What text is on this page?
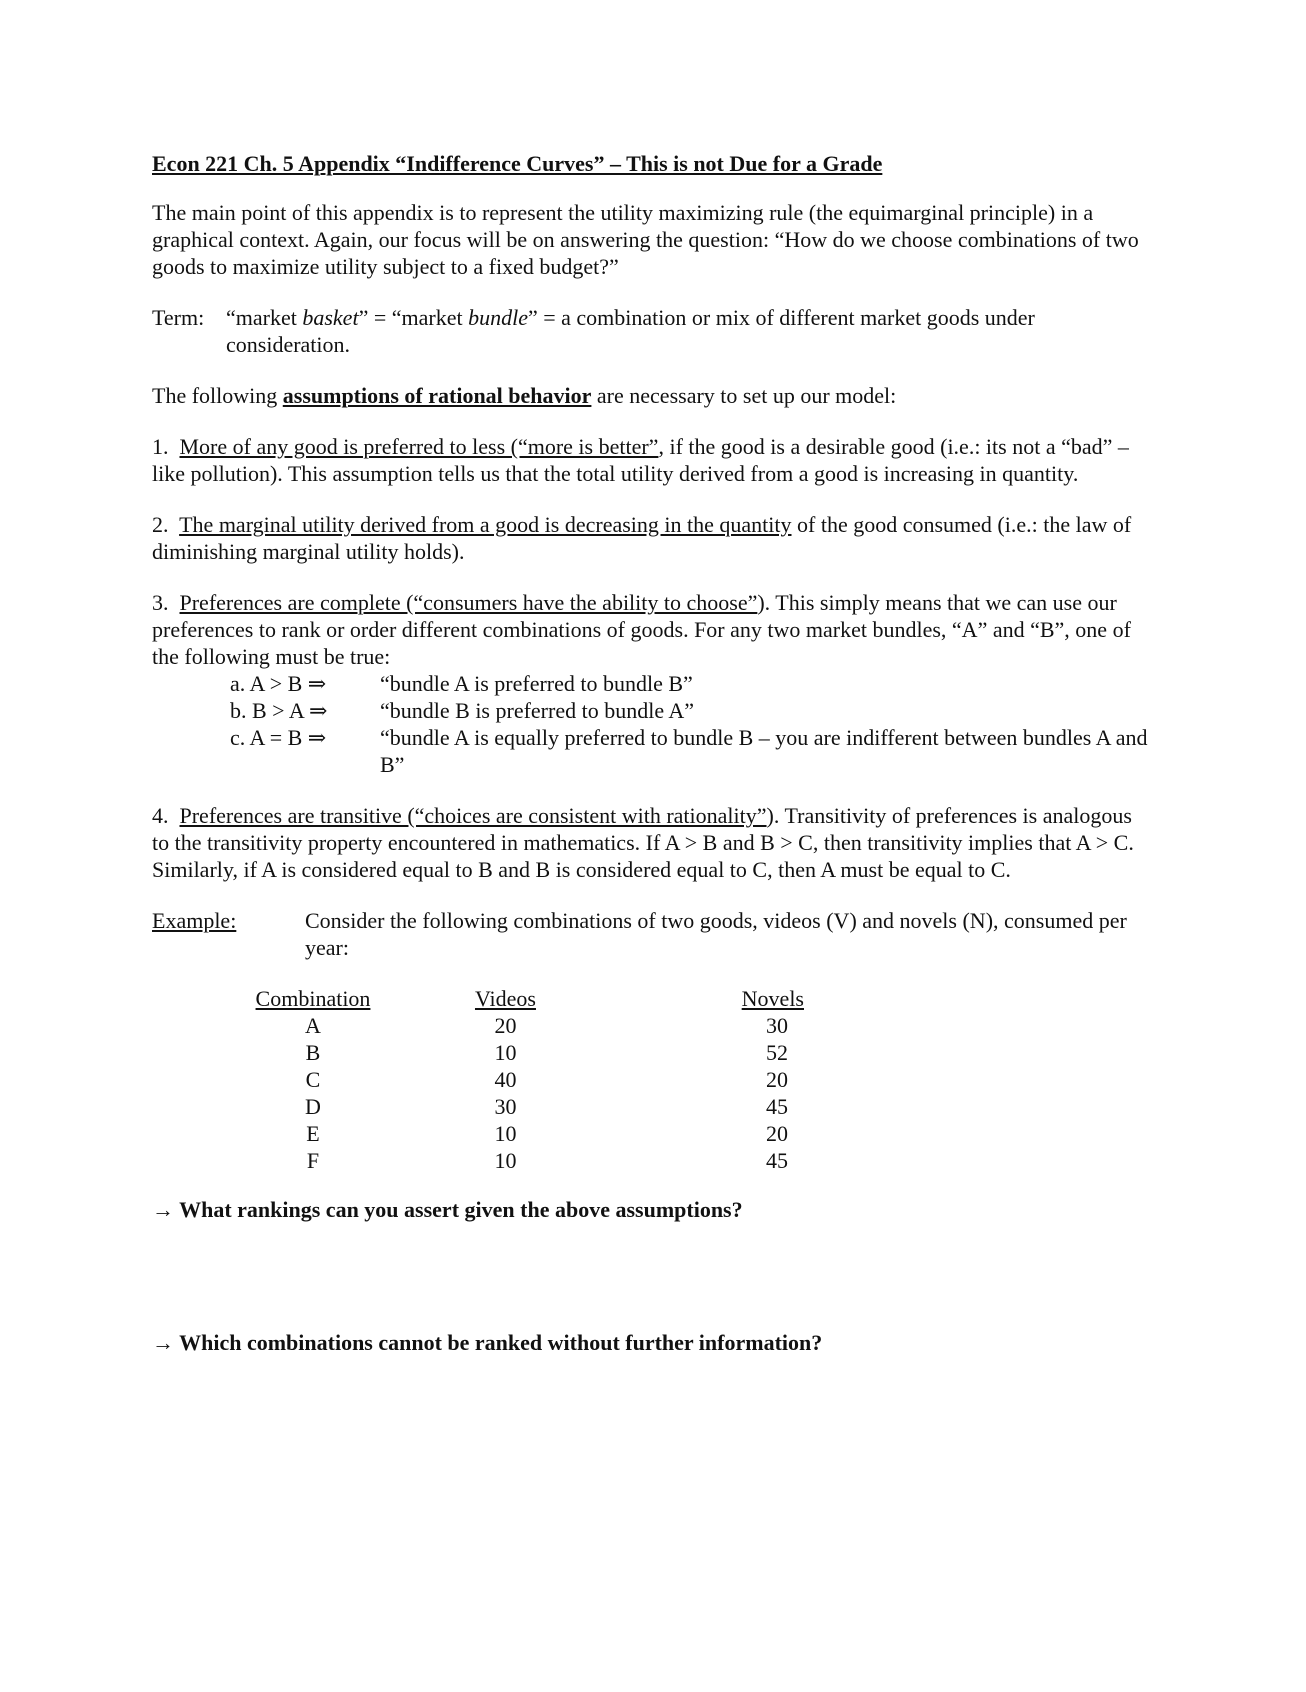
Econ 221 Ch. 5 Appendix “Indifference Curves” – This is not Due for a Grade

The main point of this appendix is to represent the utility maximizing rule (the equimarginal principle) in a graphical context. Again, our focus will be on answering the question: “How do we choose combinations of two goods to maximize utility subject to a fixed budget?”

Term: “market basket” = “market bundle” = a combination or mix of different market goods under consideration.

The following assumptions of rational behavior are necessary to set up our model:

1.  More of any good is preferred to less (“more is better”, if the good is a desirable good (i.e.: its not a “bad” – like pollution). This assumption tells us that the total utility derived from a good is increasing in quantity.

2.  The marginal utility derived from a good is decreasing in the quantity of the good consumed (i.e.: the law of diminishing marginal utility holds).

3.  Preferences are complete (“consumers have the ability to choose”). This simply means that we can use our preferences to rank or order different combinations of goods. For any two market bundles, “A” and “B”, one of the following must be true:

a. A > B ⇒	“bundle A is preferred to bundle B”
b. B > A ⇒	“bundle B is preferred to bundle A”
c. A = B ⇒	“bundle A is equally preferred to bundle B – you are indifferent between bundles A and B”

4.  Preferences are transitive (“choices are consistent with rationality”). Transitivity of preferences is analogous to the transitivity property encountered in mathematics. If A > B and B > C, then transitivity implies that A > C. Similarly, if A is considered equal to B and B is considered equal to C, then A must be equal to C.

Example:	Consider the following combinations of two goods, videos (V) and novels (N), consumed per year:
Combination	Videos	Novels
A	20	30
B	10	52
C	40	20
D	30	45
E	10	20
F	10	45
→ What rankings can you assert given the above assumptions?
→ Which combinations cannot be ranked without further information?
